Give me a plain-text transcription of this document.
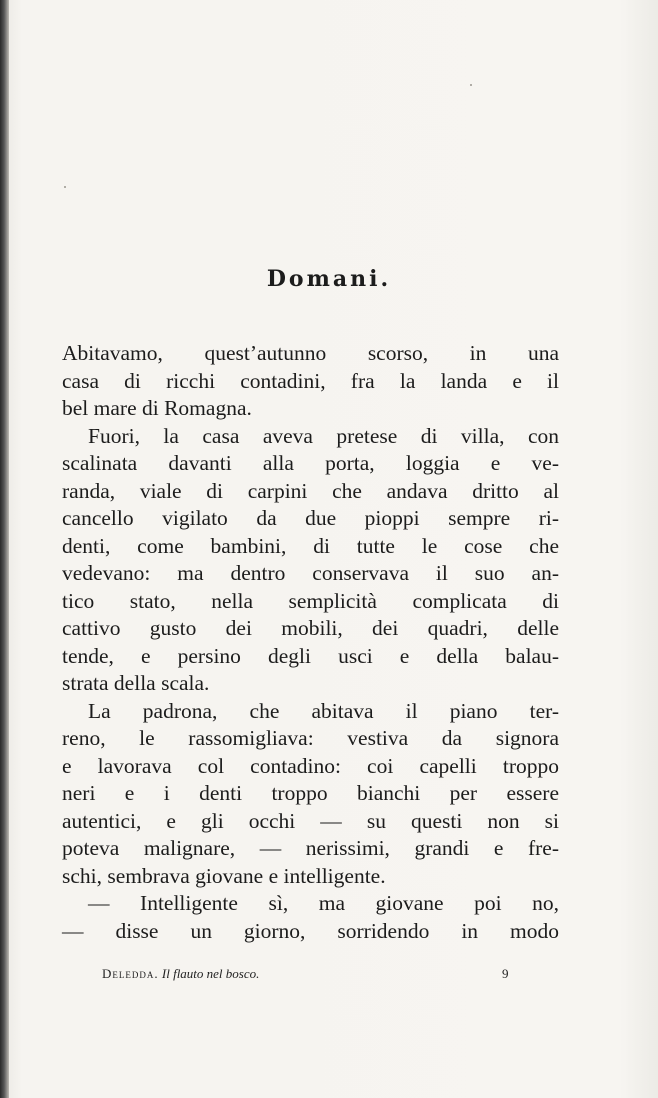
Domani.
Abitavamo, quest’autunno scorso, in una
casa di ricchi contadini, fra la landa e il
bel mare di Romagna.
Fuori, la casa aveva pretese di villa, con
scalinata davanti alla porta, loggia e ve-
randa, viale di carpini che andava dritto al
cancello vigilato da due pioppi sempre ri-
denti, come bambini, di tutte le cose che
vedevano: ma dentro conservava il suo an-
tico stato, nella semplicità complicata di
cattivo gusto dei mobili, dei quadri, delle
tende, e persino degli usci e della balau-
strata della scala.
La padrona, che abitava il piano ter-
reno, le rassomigliava: vestiva da signora
e lavorava col contadino: coi capelli troppo
neri e i denti troppo bianchi per essere
autentici, e gli occhi — su questi non si
poteva malignare, — nerissimi, grandi e fre-
schi, sembrava giovane e intelligente.
— Intelligente sì, ma giovane poi no,
— disse un giorno, sorridendo in modo
Deledda. Il flauto nel bosco.	9
